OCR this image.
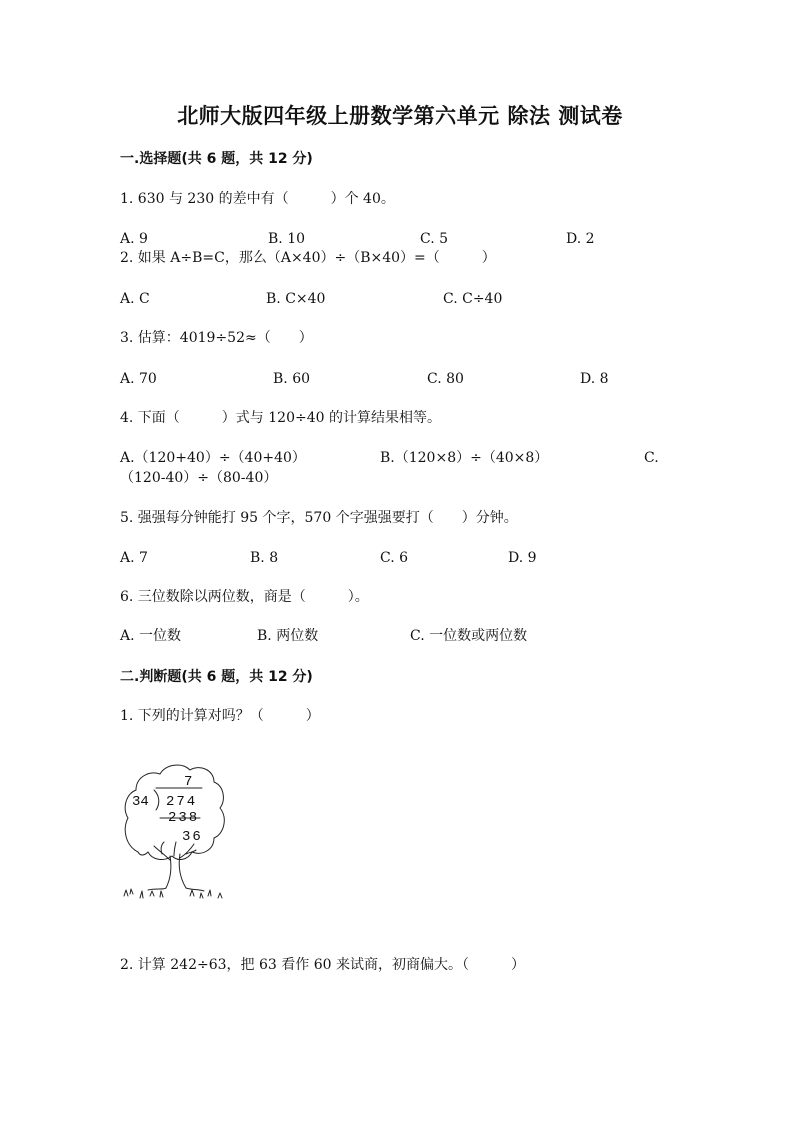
北师大版四年级上册数学第六单元 除法 测试卷
一.选择题(共 6 题，共 12 分)
1. 630 与 230 的差中有（　　　）个 40。
A. 9	B. 10	C. 5	D. 2
2. 如果 A÷B=C，那么（A×40）÷（B×40）=（　　　）
A. C	B. C×40	C. C÷40
3. 估算：4019÷52≈（　　）
A. 70	B. 60	C. 80	D. 8
4. 下面（　　　）式与 120÷40 的计算结果相等。
A.（120+40）÷（40+40）	B.（120×8）÷（40×8）	C.
（120-40）÷（80-40）
5. 强强每分钟能打 95 个字，570 个字强强要打（　　）分钟。
A. 7	B. 8	C. 6	D. 9
6. 三位数除以两位数，商是（　　　）。
A. 一位数	B. 两位数	C. 一位数或两位数
二.判断题(共 6 题，共 12 分)
1. 下列的计算对吗？（　　　）
7
34 274
238
36
2. 计算 242÷63，把 63 看作 60 来试商，初商偏大。（　　　）
